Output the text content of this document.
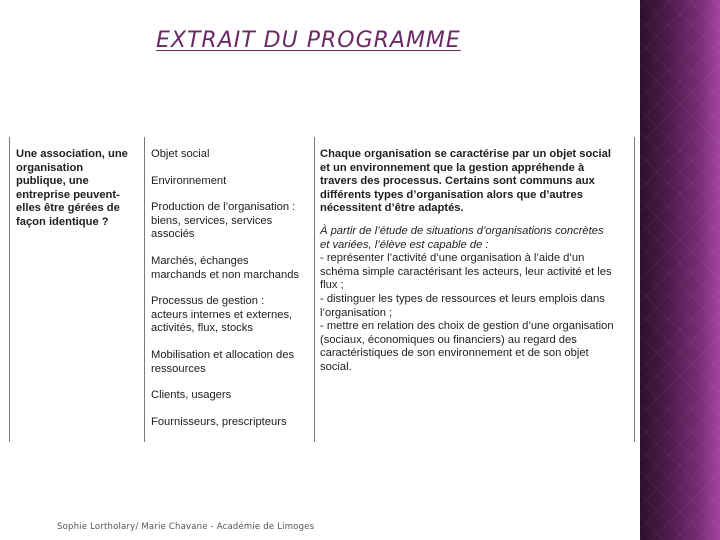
EXTRAIT DU PROGRAMME
Une association, une
organisation
publique, une
entreprise peuvent-
elles être gérées de
façon identique ?
Objet social
Environnement
Production de l’organisation :
biens, services, services
associés
Marchés, échanges
marchands et non marchands
Processus de gestion :
acteurs internes et externes,
activités, flux, stocks
Mobilisation et allocation des
ressources
Clients, usagers
Fournisseurs, prescripteurs
Chaque organisation se caractérise par un objet social
et un environnement que la gestion appréhende à
travers des processus. Certains sont communs aux
différents types d’organisation alors que d’autres
nécessitent d’être adaptés.
À partir de l’étude de situations d’organisations concrètes
et variées, l’élève est capable de :
- représenter l’activité d’une organisation à l’aide d’un
schéma simple caractérisant les acteurs, leur activité et les
flux ;
- distinguer les types de ressources et leurs emplois dans
l’organisation ;
- mettre en relation des choix de gestion d’une organisation
(sociaux, économiques ou financiers) au regard des
caractéristiques de son environnement et de son objet
social.
Sophie Lortholary/ Marie Chavane - Académie de Limoges
